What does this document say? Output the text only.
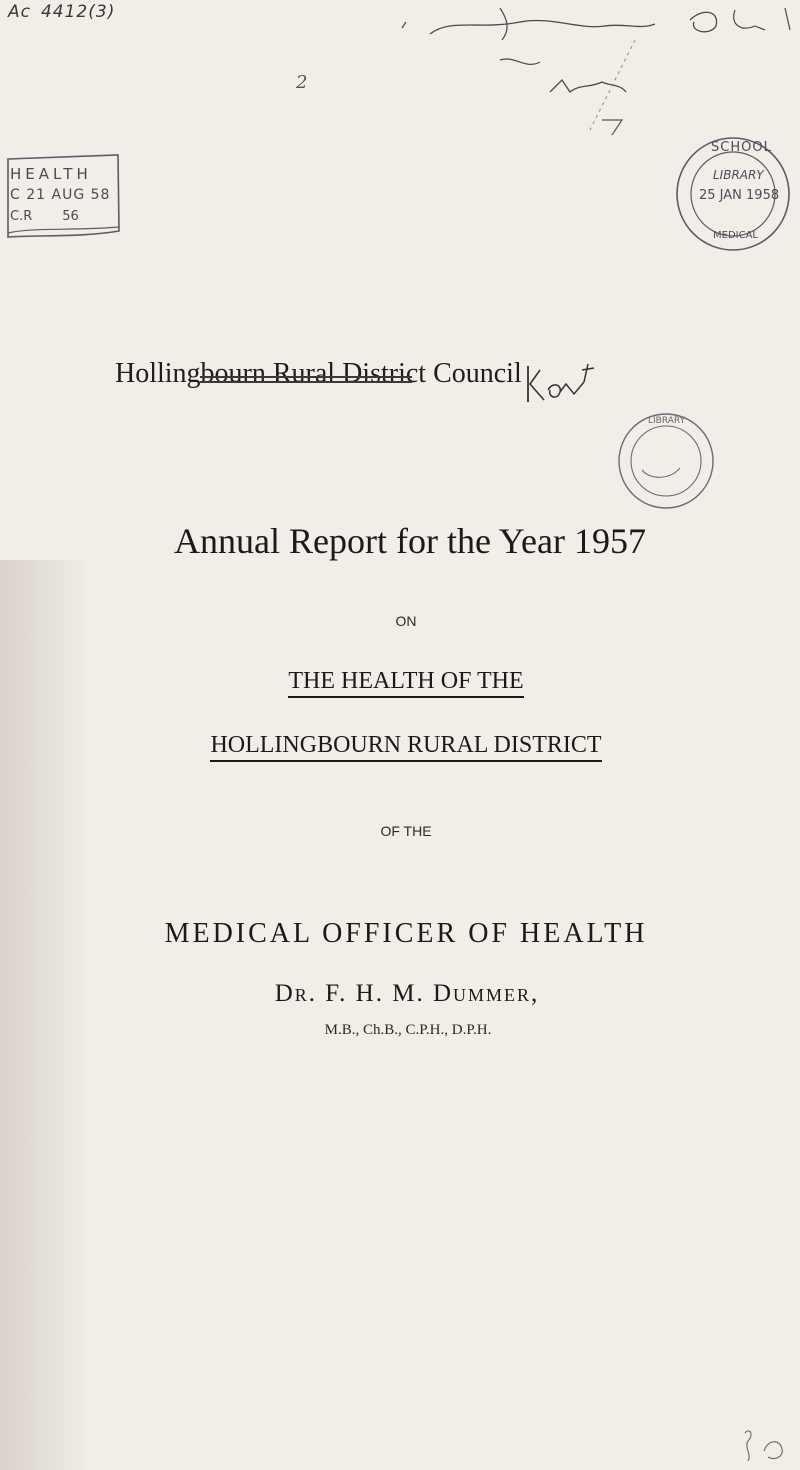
Ac 4412(3)
2
HEALTH
C 21 AUG 58
C.R 56
Hollingbourn Rural District Council
SCHOOL
LIBRARY
25 JAN 1958
MEDICAL
LIBRARY
Annual Report for the Year 1957
ON
THE HEALTH OF THE
HOLLINGBOURN RURAL DISTRICT
OF THE
MEDICAL OFFICER OF HEALTH
Dr. F. H. M. Dummer,
M.B., Ch.B., C.P.H., D.P.H.
